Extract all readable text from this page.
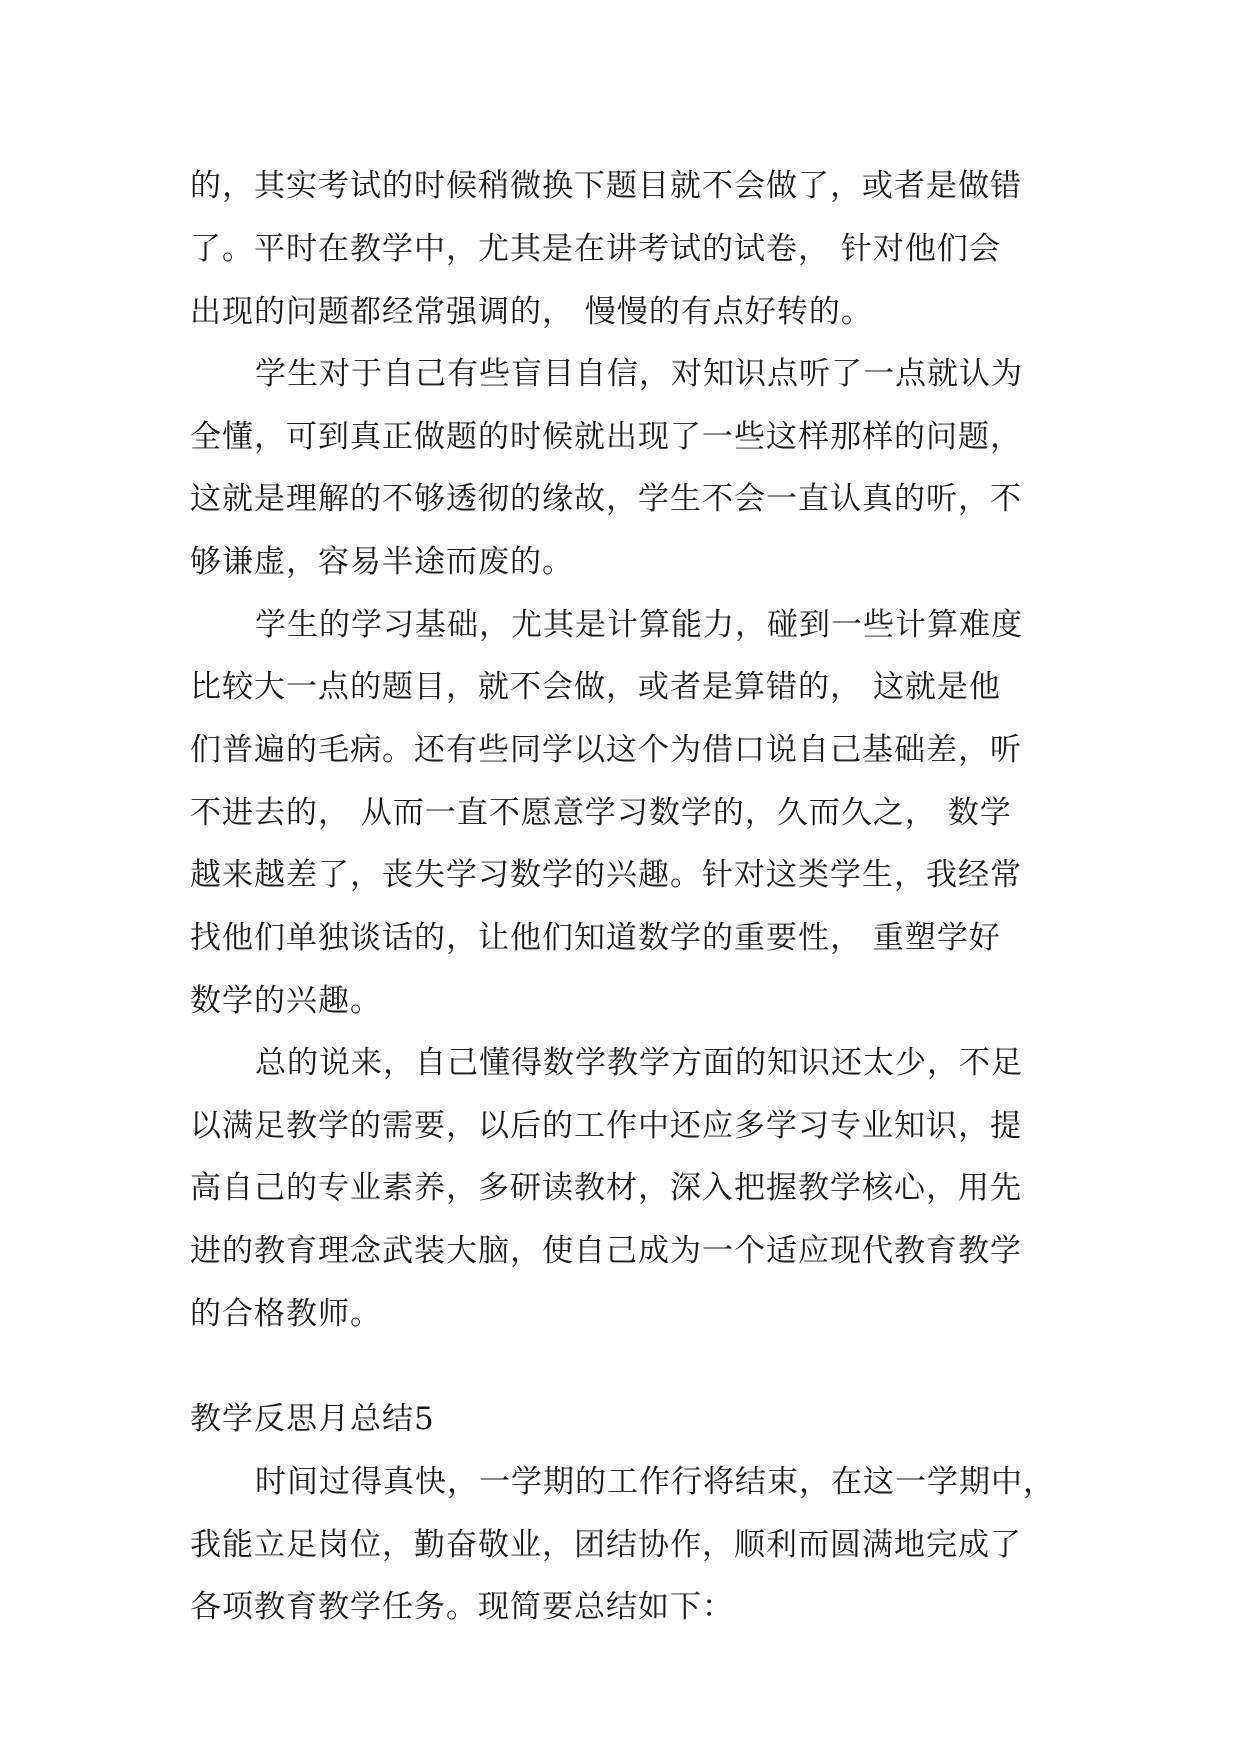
的，其实考试的时候稍微换下题目就不会做了，或者是做错
了。平时在教学中，尤其是在讲考试的试卷， 针对他们会
出现的问题都经常强调的， 慢慢的有点好转的。
学生对于自己有些盲目自信，对知识点听了一点就认为
全懂，可到真正做题的时候就出现了一些这样那样的问题，
这就是理解的不够透彻的缘故，学生不会一直认真的听，不
够谦虚，容易半途而废的。
学生的学习基础，尤其是计算能力，碰到一些计算难度
比较大一点的题目，就不会做，或者是算错的， 这就是他
们普遍的毛病。还有些同学以这个为借口说自己基础差，听
不进去的， 从而一直不愿意学习数学的，久而久之， 数学
越来越差了，丧失学习数学的兴趣。针对这类学生，我经常
找他们单独谈话的，让他们知道数学的重要性， 重塑学好
数学的兴趣。
总的说来，自己懂得数学教学方面的知识还太少，不足
以满足教学的需要，以后的工作中还应多学习专业知识，提
高自己的专业素养，多研读教材，深入把握教学核心，用先
进的教育理念武装大脑，使自己成为一个适应现代教育教学
的合格教师。
教学反思月总结5
时间过得真快，一学期的工作行将结束，在这一学期中，
我能立足岗位，勤奋敬业，团结协作，顺利而圆满地完成了
各项教育教学任务。现简要总结如下：
